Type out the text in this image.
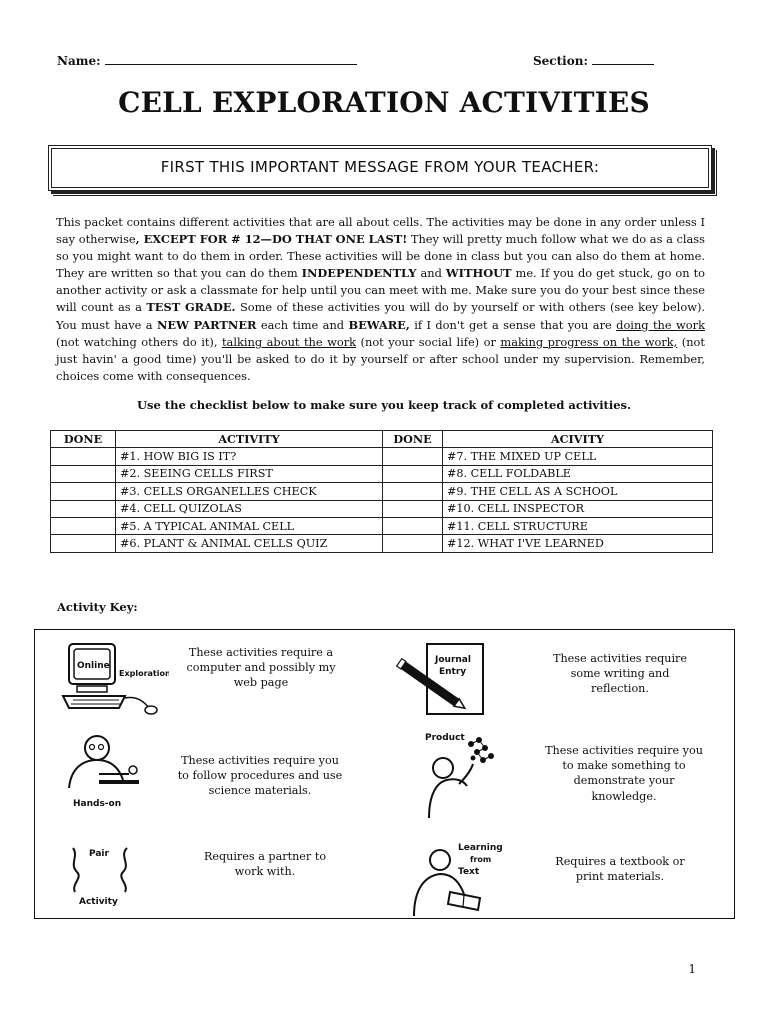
Name:	Section:
CELL EXPLORATION ACTIVITIES
FIRST THIS IMPORTANT MESSAGE FROM YOUR TEACHER:
This packet contains different activities that are all about cells. The activities may be done in any order unless I say otherwise, EXCEPT FOR # 12—DO THAT ONE LAST! They will pretty much follow what we do as a class so you might want to do them in order. These activities will be done in class but you can also do them at home. They are written so that you can do them INDEPENDENTLY and WITHOUT me. If you do get stuck, go on to another activity or ask a classmate for help until you can meet with me. Make sure you do your best since these will count as a TEST GRADE. Some of these activities you will do by yourself or with others (see key below). You must have a NEW PARTNER each time and BEWARE, if I don't get a sense that you are doing the work (not watching others do it), talking about the work (not your social life) or making progress on the work, (not just havin' a good time) you'll be asked to do it by yourself or after school under my supervision. Remember, choices come with consequences.
Use the checklist below to make sure you keep track of completed activities.
DONE	ACTIVITY	DONE	ACIVITY
	#1. HOW BIG IS IT?		#7. THE MIXED UP CELL
	#2. SEEING CELLS FIRST		#8. CELL FOLDABLE
	#3. CELLS ORGANELLES CHECK		#9. THE CELL AS A SCHOOL
	#4. CELL QUIZOLAS		#10. CELL INSPECTOR
	#5. A TYPICAL ANIMAL CELL		#11. CELL STRUCTURE
	#6. PLANT & ANIMAL CELLS QUIZ		#12. WHAT I'VE LEARNED
Activity Key:
Online
Exploration
These activities require a computer and possibly my web page
Journal
Entry
These activities require some writing and reflection.
Hands-on
These activities require you to follow procedures and use science materials.
Product
These activities require you to make something to demonstrate your knowledge.
Pair
Activity
Requires a partner to work with.
Learning
from
Text
Requires a textbook or print materials.
1
